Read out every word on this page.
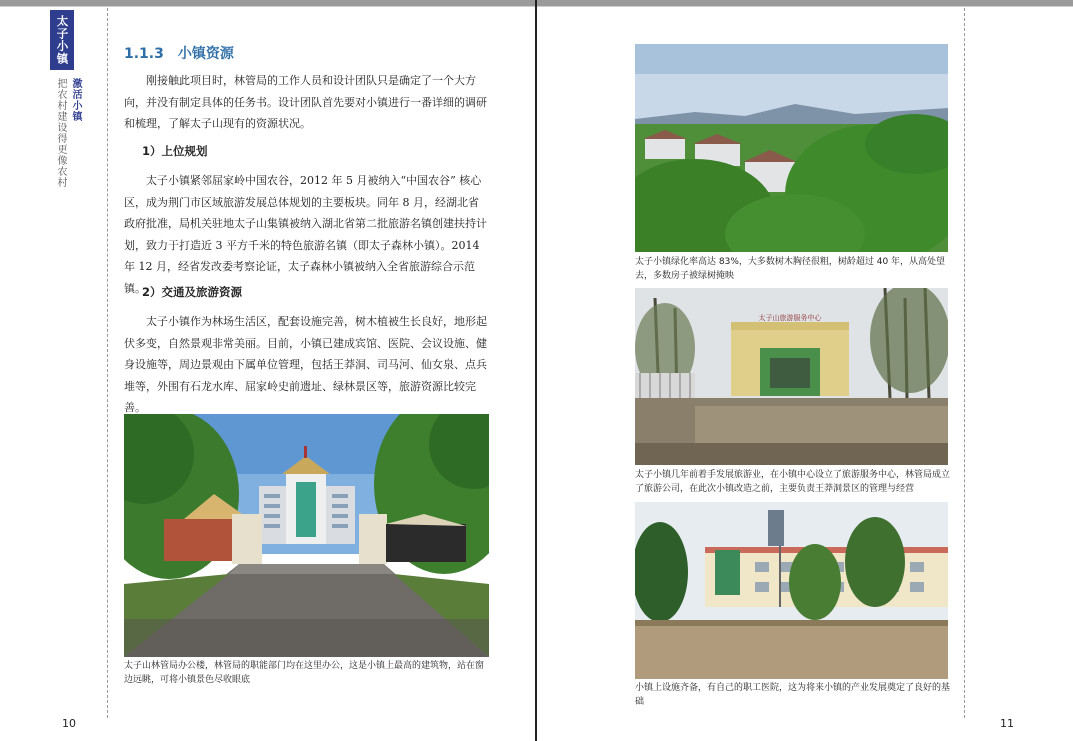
太子小镇
激活小镇
把农村建设得更像农村
1.1.3　小镇资源

刚接触此项目时，林管局的工作人员和设计团队只是确定了一个大方向，并没有制定具体的任务书。设计团队首先要对小镇进行一番详细的调研和梳理，了解太子山现有的资源状况。

1）上位规划

太子小镇紧邻屈家岭中国农谷，2012 年 5 月被纳入“中国农谷” 核心区，成为荆门市区域旅游发展总体规划的主要板块。同年 8 月，经湖北省政府批准，局机关驻地太子山集镇被纳入湖北省第二批旅游名镇创建扶持计划，致力于打造近 3 平方千米的特色旅游名镇（即太子森林小镇）。2014 年 12 月，经省发改委考察论证，太子森林小镇被纳入全省旅游综合示范镇。

2）交通及旅游资源

太子小镇作为林场生活区，配套设施完善，树木植被生长良好，地形起伏多变，自然景观非常美丽。目前，小镇已建成宾馆、医院、会议设施、健身设施等，周边景观由下属单位管理，包括王莽洞、司马河、仙女泉、点兵堆等，外围有石龙水库、屈家岭史前遗址、绿林景区等，旅游资源比较完善。

太子山林管局办公楼，林管局的职能部门均在这里办公，这是小镇上最高的建筑物，站在窗边远眺，可将小镇景色尽收眼底

10

太子小镇绿化率高达 83%，大多数树木胸径很粗，树龄超过 40 年，从高处望去，多数房子被绿树掩映

太子山旅游服务中心

太子小镇几年前着手发展旅游业，在小镇中心设立了旅游服务中心，林管局成立了旅游公司，在此次小镇改造之前，主要负责王莽洞景区的管理与经营

小镇上设施齐备，有自己的职工医院，这为将来小镇的产业发展奠定了良好的基础

11
